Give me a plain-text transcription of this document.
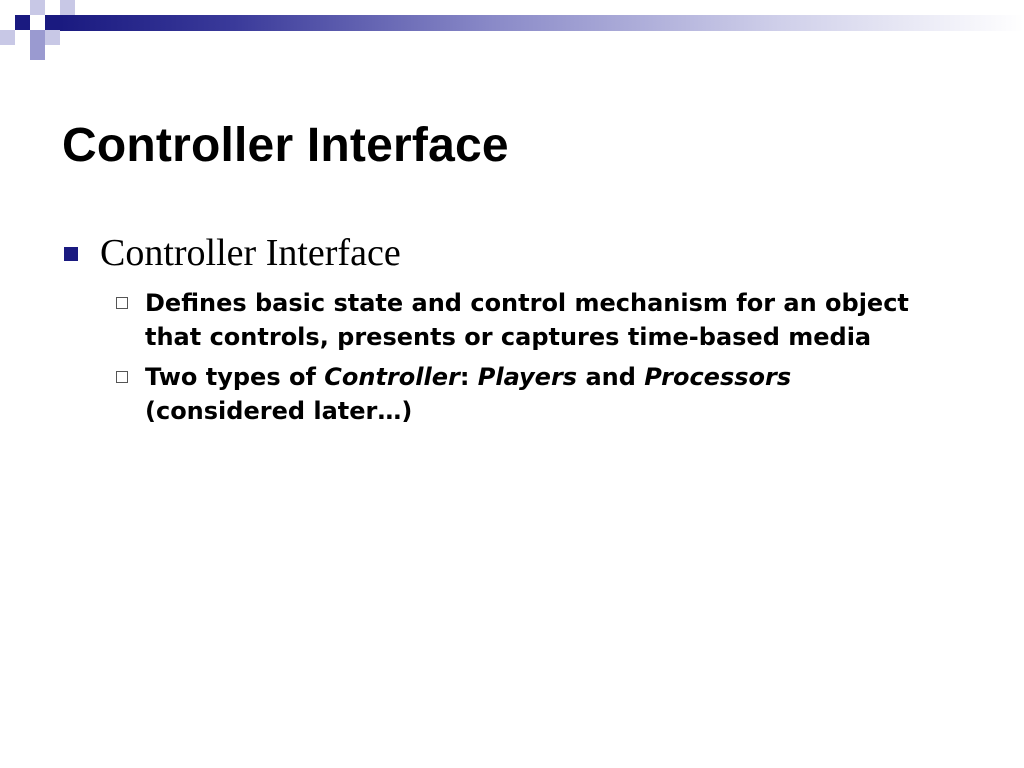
Controller Interface
Controller Interface
Defines basic state and control mechanism for an object that controls, presents or captures time-based media
Two types of Controller: Players and Processors (considered later…)
